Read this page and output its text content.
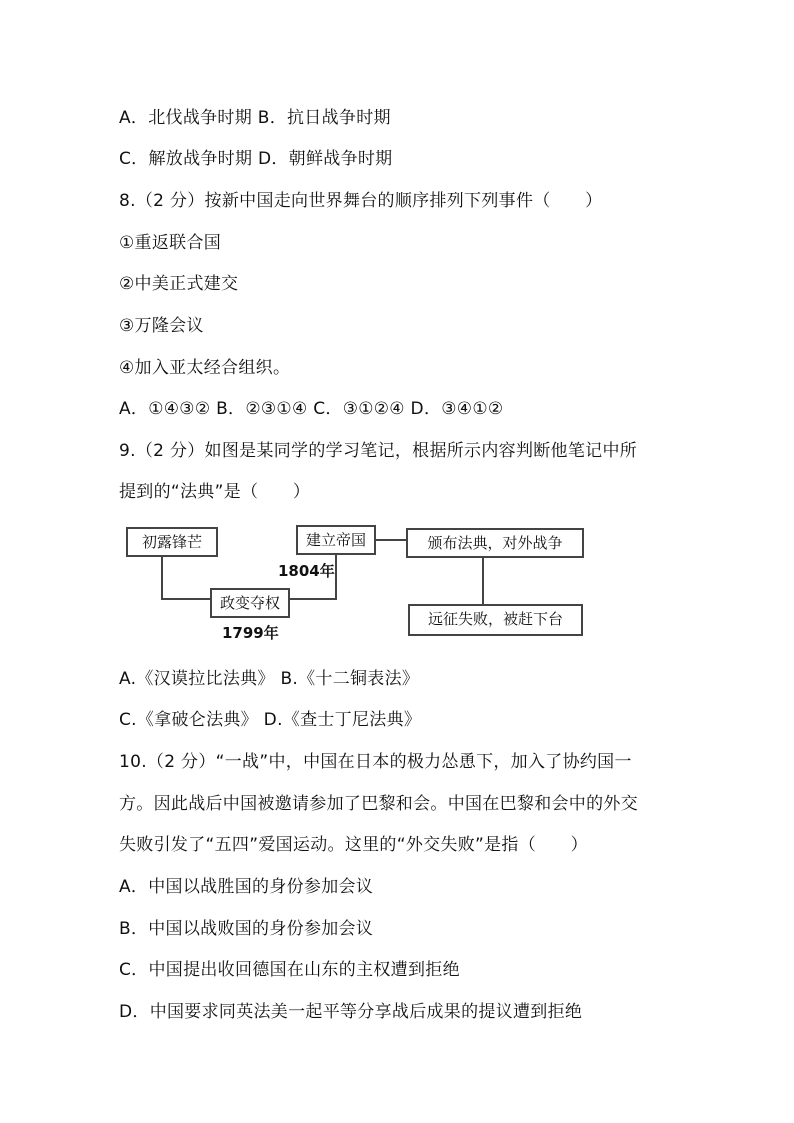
A．北伐战争时期 B．抗日战争时期
C．解放战争时期 D．朝鲜战争时期
8.（2 分）按新中国走向世界舞台的顺序排列下列事件（　　）
①重返联合国
②中美正式建交
③万隆会议
④加入亚太经合组织。
A．①④③② B．②③①④ C．③①②④ D．③④①②
9.（2 分）如图是某同学的学习笔记，根据所示内容判断他笔记中所
提到的“法典”是（　　）
初露锋芒
政变夺权
建立帝国	颁布法典，对外战争
远征失败，被赶下台
1804年
1799年
A.《汉谟拉比法典》 B.《十二铜表法》
C.《拿破仑法典》 D.《查士丁尼法典》
10.（2 分）“一战”中，中国在日本的极力怂恿下，加入了协约国一
方。因此战后中国被邀请参加了巴黎和会。中国在巴黎和会中的外交
失败引发了“五四”爱国运动。这里的“外交失败”是指（　　）
A．中国以战胜国的身份参加会议
B．中国以战败国的身份参加会议
C．中国提出收回德国在山东的主权遭到拒绝
D．中国要求同英法美一起平等分享战后成果的提议遭到拒绝
